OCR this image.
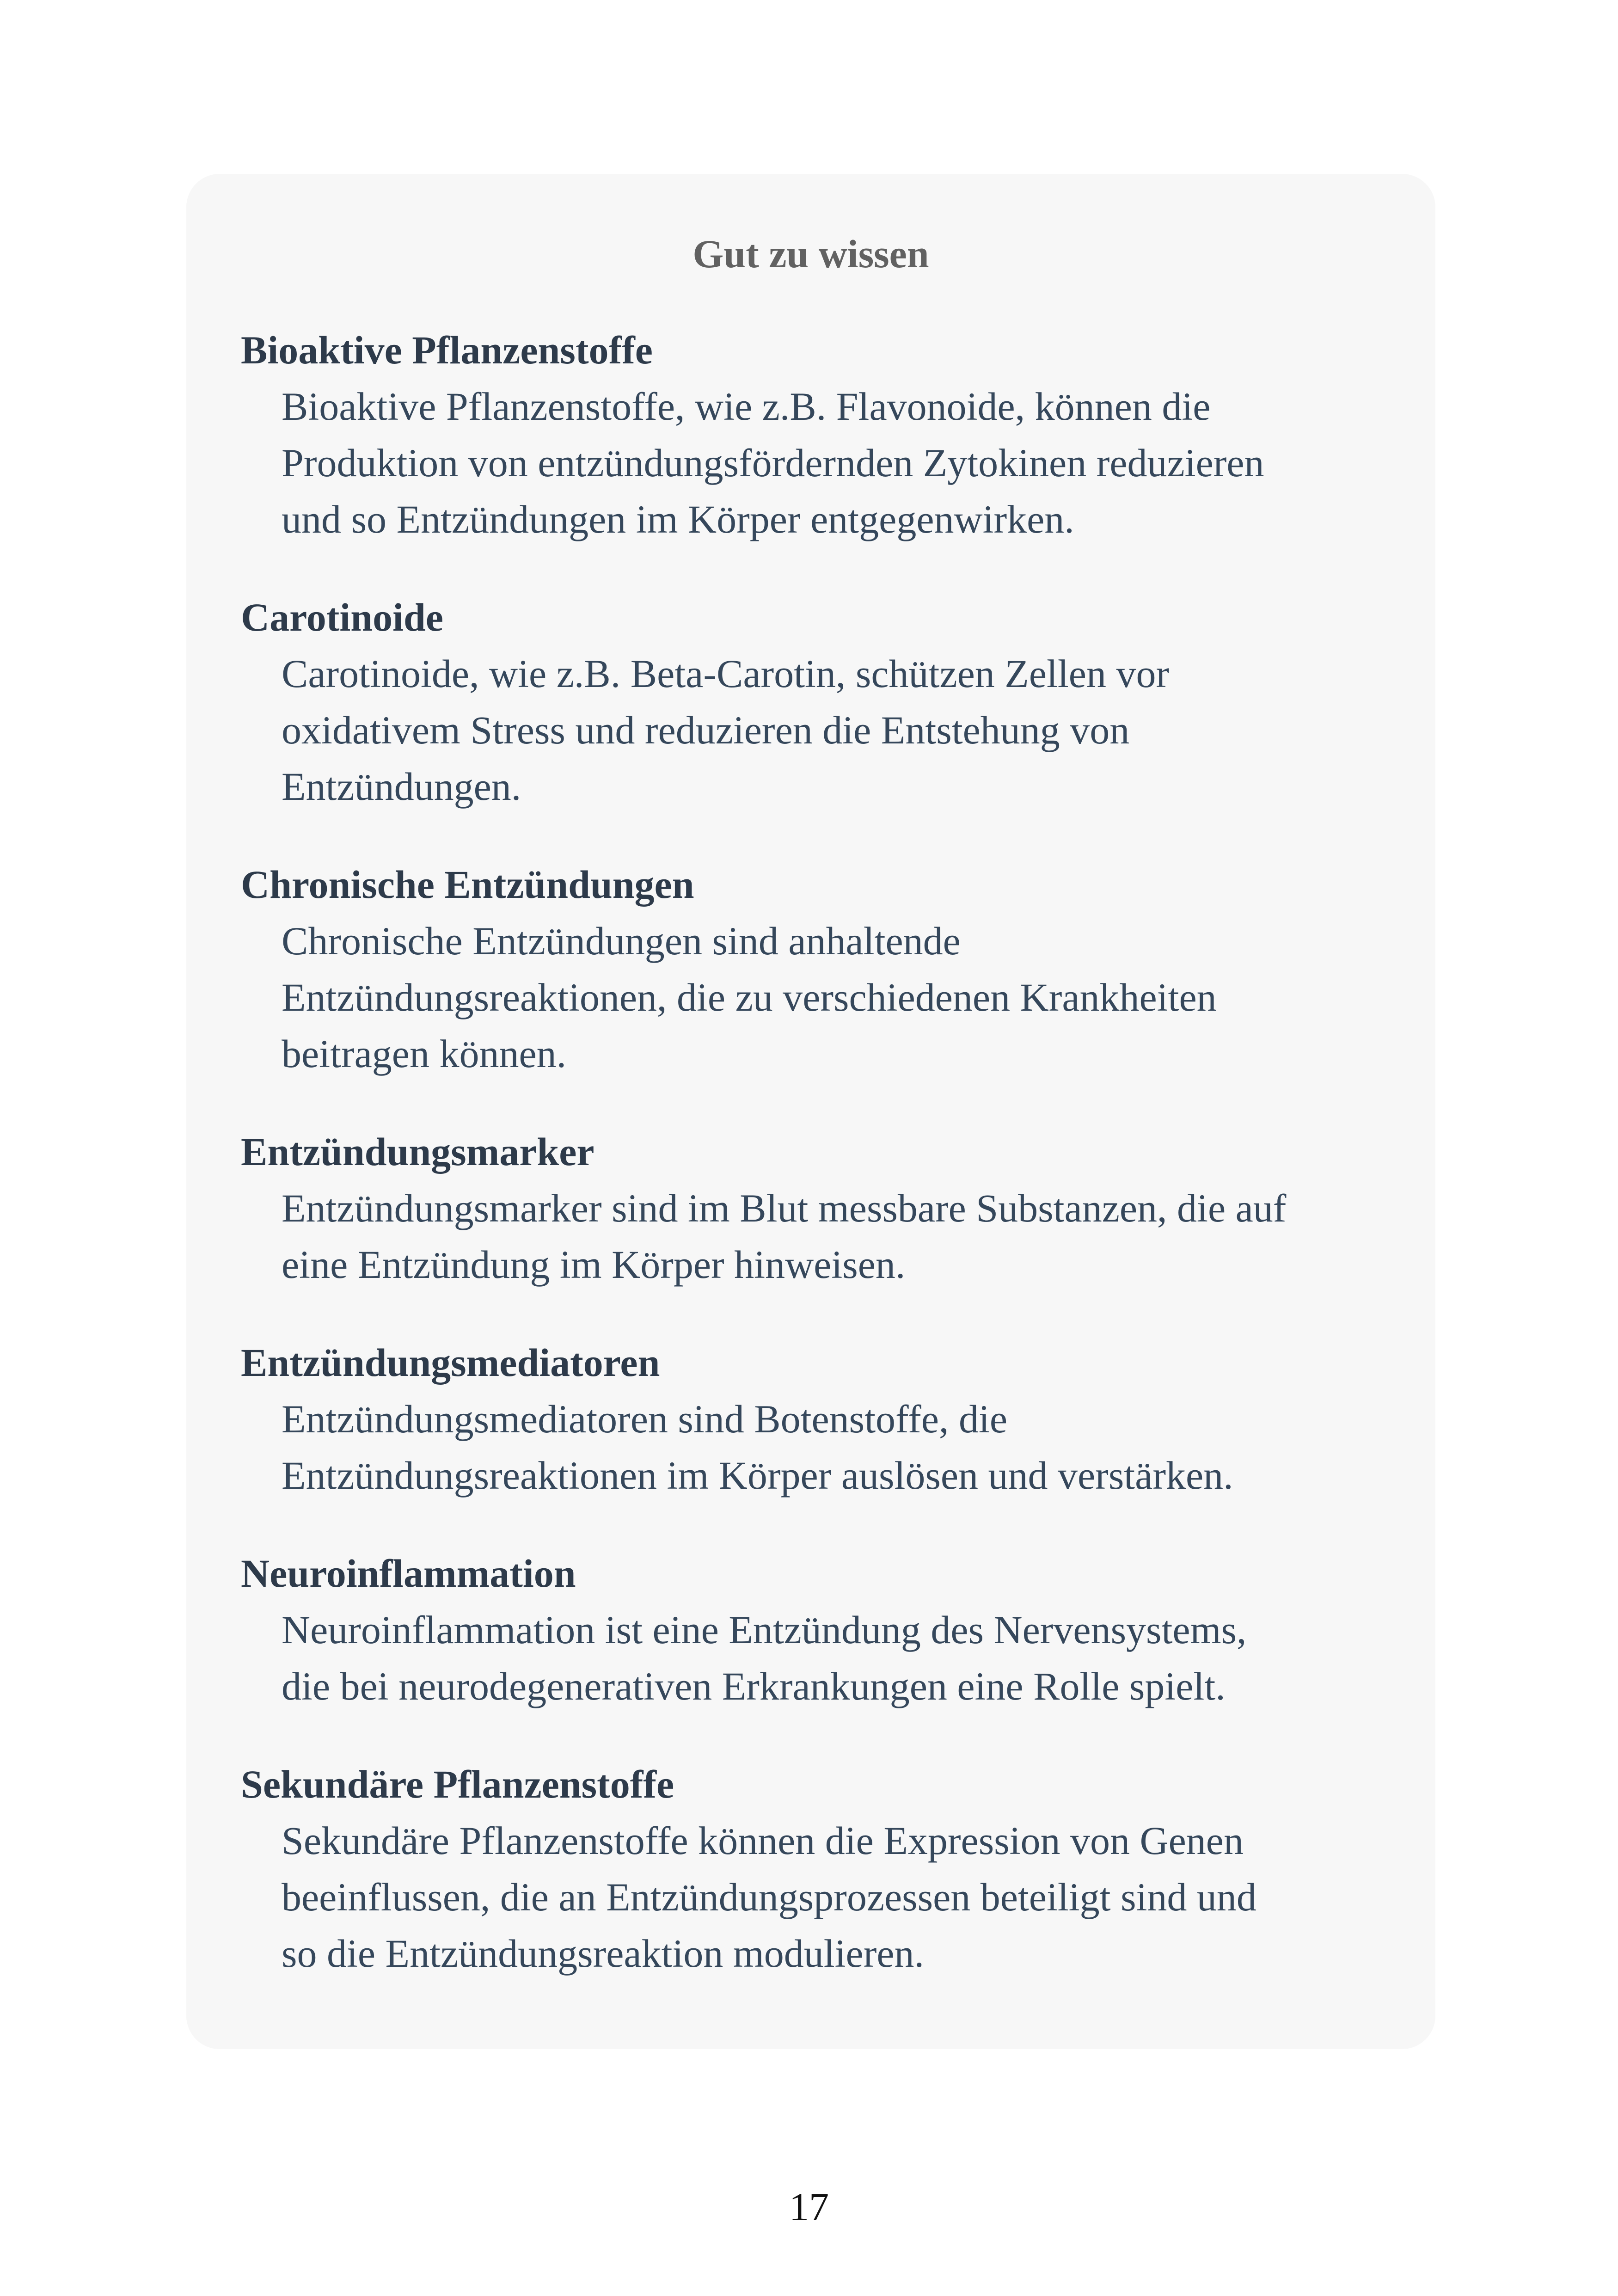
Gut zu wissen
Bioaktive Pflanzenstoffe
Bioaktive Pflanzenstoffe, wie z.B. Flavonoide, können die
Produktion von entzündungsfördernden Zytokinen reduzieren
und so Entzündungen im Körper entgegenwirken.
Carotinoide
Carotinoide, wie z.B. Beta-Carotin, schützen Zellen vor
oxidativem Stress und reduzieren die Entstehung von
Entzündungen.
Chronische Entzündungen
Chronische Entzündungen sind anhaltende
Entzündungsreaktionen, die zu verschiedenen Krankheiten
beitragen können.
Entzündungsmarker
Entzündungsmarker sind im Blut messbare Substanzen, die auf
eine Entzündung im Körper hinweisen.
Entzündungsmediatoren
Entzündungsmediatoren sind Botenstoffe, die
Entzündungsreaktionen im Körper auslösen und verstärken.
Neuroinflammation
Neuroinflammation ist eine Entzündung des Nervensystems,
die bei neurodegenerativen Erkrankungen eine Rolle spielt.
Sekundäre Pflanzenstoffe
Sekundäre Pflanzenstoffe können die Expression von Genen
beeinflussen, die an Entzündungsprozessen beteiligt sind und
so die Entzündungsreaktion modulieren.
17
